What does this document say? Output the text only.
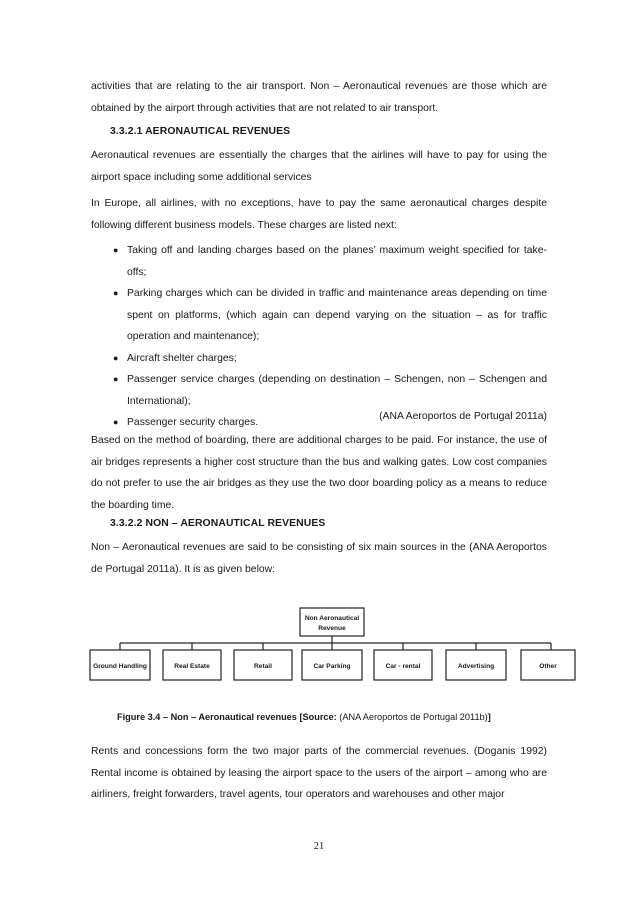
activities that are relating to the air transport. Non – Aeronautical revenues are those which are obtained by the airport through activities that are not related to air transport.

3.3.2.1 AERONAUTICAL REVENUES

Aeronautical revenues are essentially the charges that the airlines will have to pay for using the airport space including some additional services

In Europe, all airlines, with no exceptions, have to pay the same aeronautical charges despite following different business models. These charges are listed next:

● Taking off and landing charges based on the planes’ maximum weight specified for take-offs;
● Parking charges which can be divided in traffic and maintenance areas depending on time spent on platforms, (which again can depend varying on the situation – as for traffic operation and maintenance);
● Aircraft shelter charges;
● Passenger service charges (depending on destination – Schengen, non – Schengen and International);
● Passenger security charges.

(ANA Aeroportos de Portugal 2011a)

Based on the method of boarding, there are additional charges to be paid. For instance, the use of air bridges represents a higher cost structure than the bus and walking gates. Low cost companies do not prefer to use the air bridges as they use the two door boarding policy as a means to reduce the boarding time.

3.3.2.2 NON – AERONAUTICAL REVENUES

Non – Aeronautical revenues are said to be consisting of six main sources in the (ANA Aeroportos de Portugal 2011a). It is as given below:

Non Aeronautical
Revenue
Ground Handling	Real Estate	Retail	Car Parking	Car - rental	Advertising	Other

Figure 3.4 – Non – Aeronautical revenues [Source: (ANA Aeroportos de Portugal 2011b)]

Rents and concessions form the two major parts of the commercial revenues. (Doganis 1992) Rental income is obtained by leasing the airport space to the users of the airport – among who are airliners, freight forwarders, travel agents, tour operators and warehouses and other major

21
